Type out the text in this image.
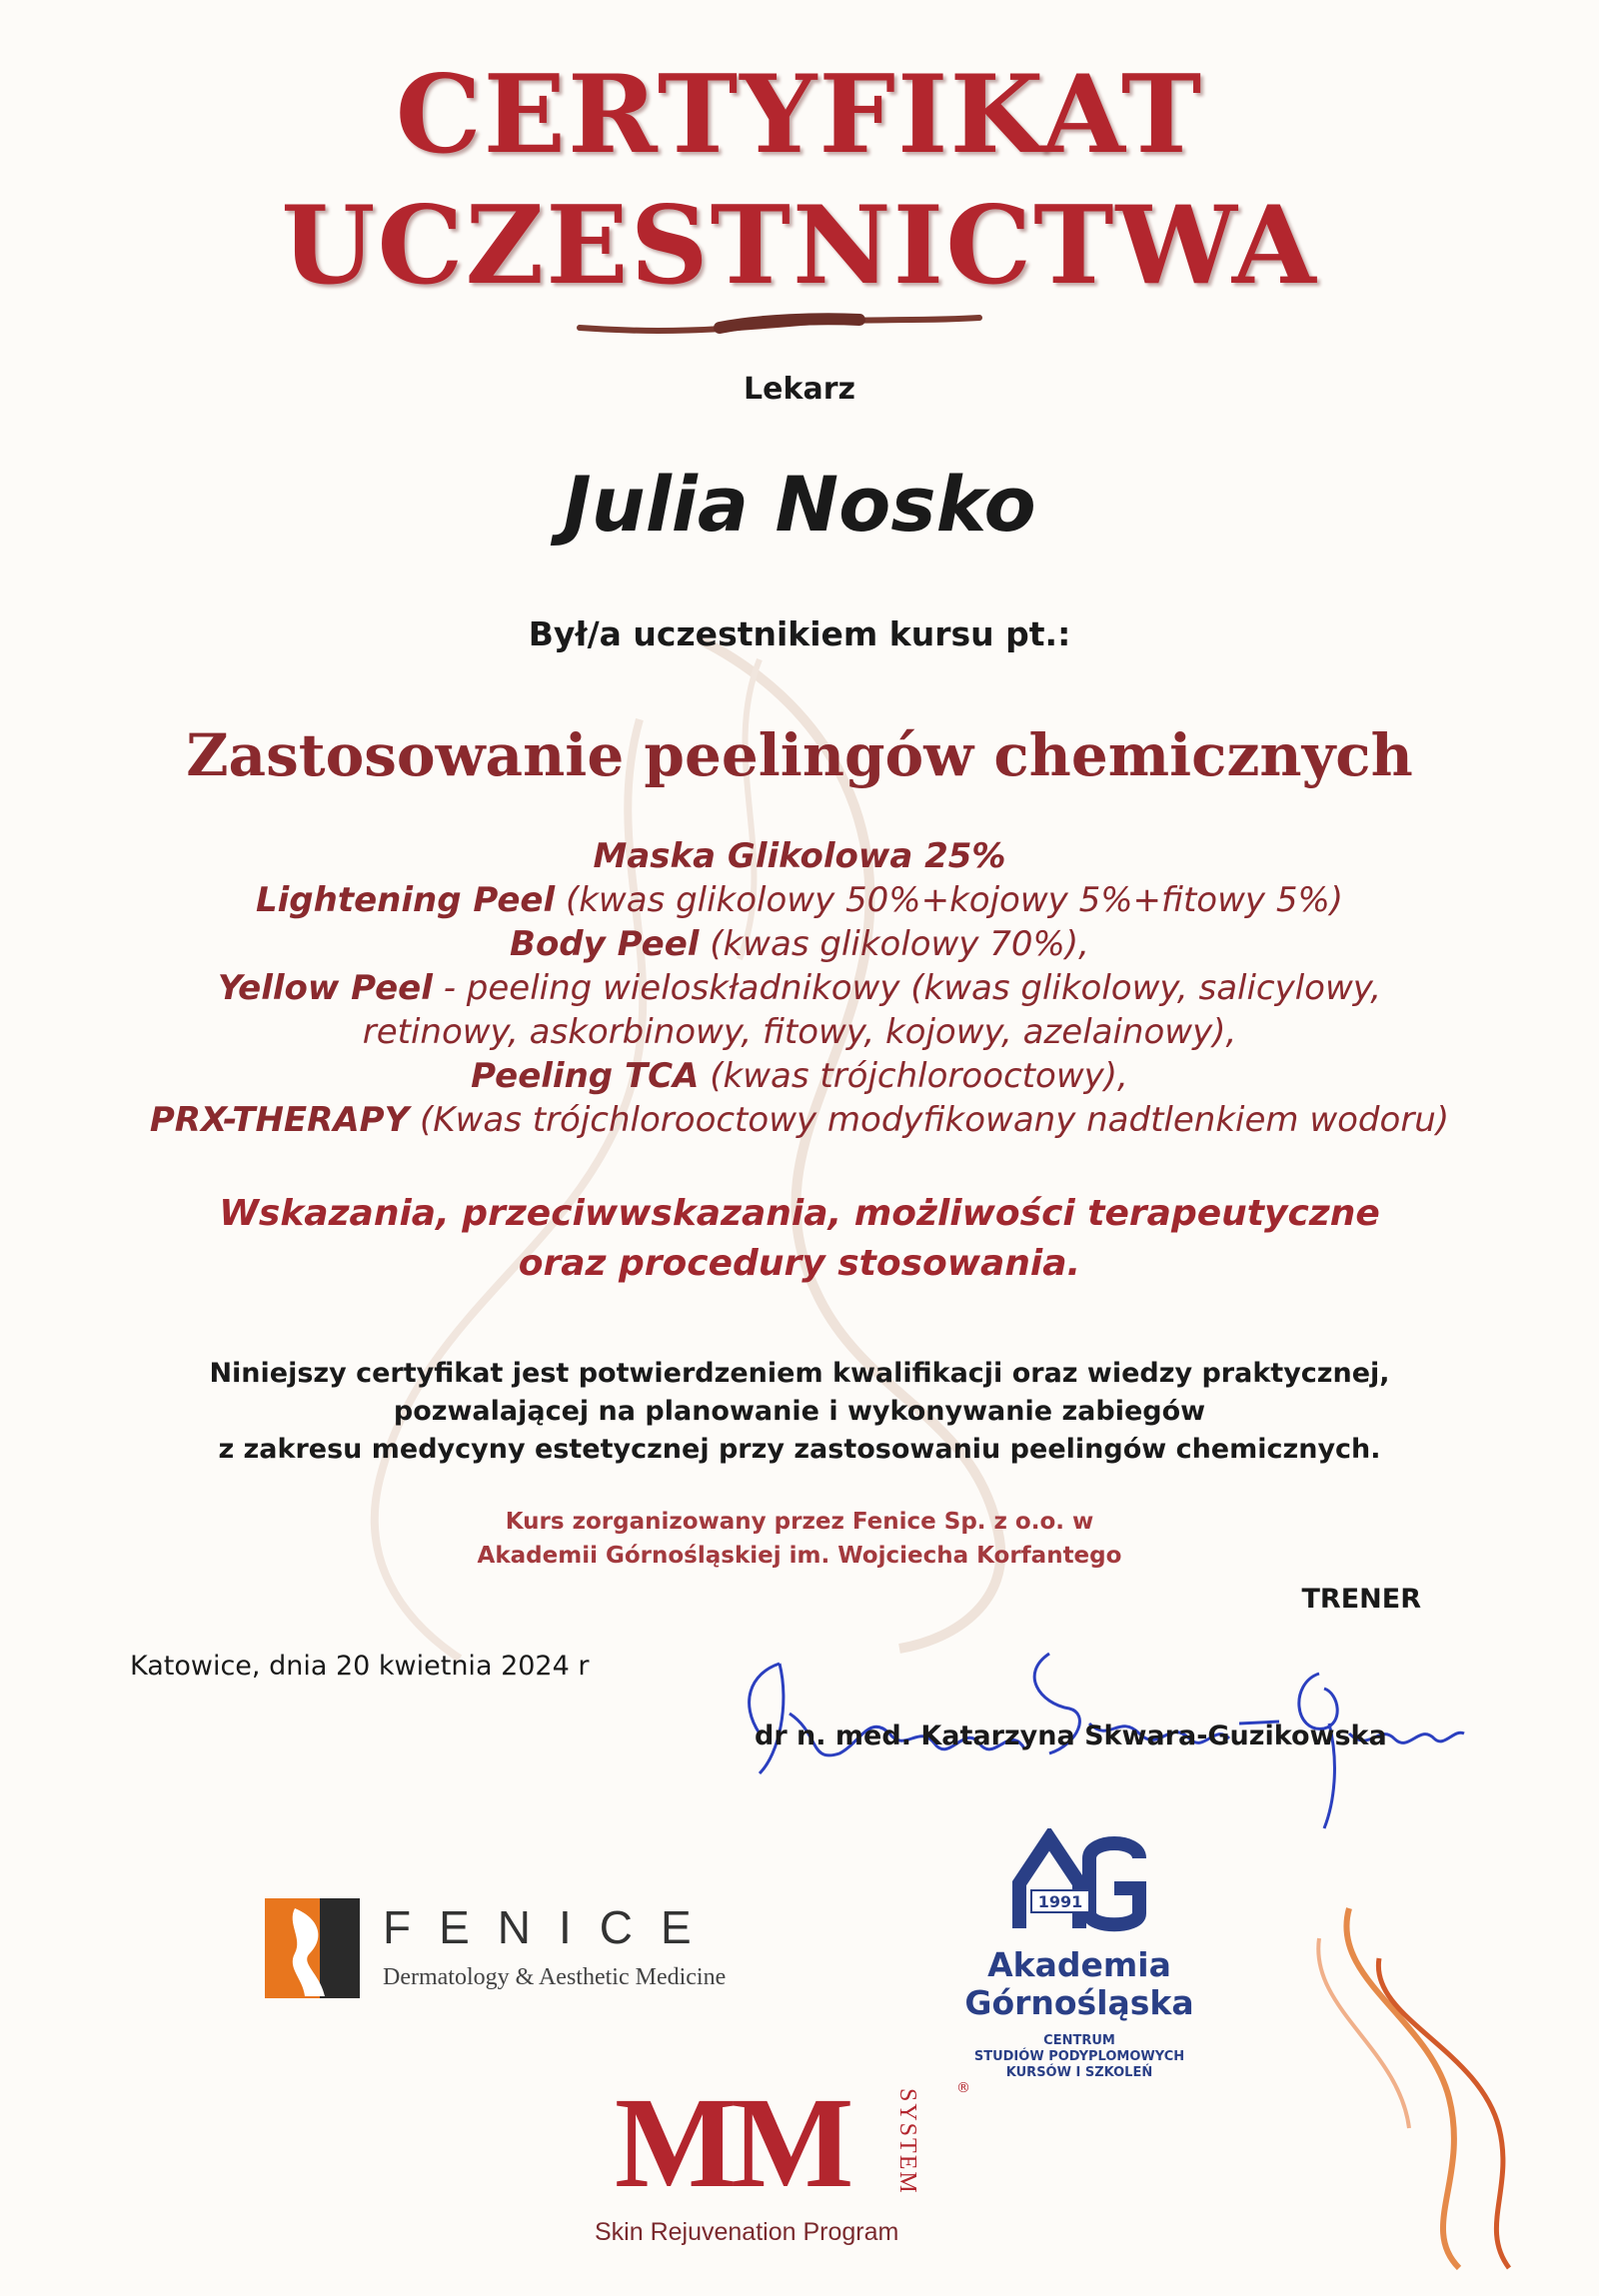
CERTYFIKAT
UCZESTNICTWA
Lekarz
Julia Nosko
Był/a uczestnikiem kursu pt.:
Zastosowanie peelingów chemicznych
Maska Glikolowa 25%
Lightening Peel (kwas glikolowy 50%+kojowy 5%+fitowy 5%)
Body Peel (kwas glikolowy 70%),
Yellow Peel - peeling wieloskładnikowy (kwas glikolowy, salicylowy,
retinowy, askorbinowy, fitowy, kojowy, azelainowy),
Peeling TCA (kwas trójchlorooctowy),
PRX-THERAPY (Kwas trójchlorooctowy modyfikowany nadtlenkiem wodoru)
Wskazania, przeciwwskazania, możliwości terapeutyczne
oraz procedury stosowania.
Niniejszy certyfikat jest potwierdzeniem kwalifikacji oraz wiedzy praktycznej,
pozwalającej na planowanie i wykonywanie zabiegów
z zakresu medycyny estetycznej przy zastosowaniu peelingów chemicznych.
Kurs zorganizowany przez Fenice Sp. z o.o. w
Akademii Górnośląskiej im. Wojciecha Korfantego
TRENER
Katowice, dnia 20 kwietnia 2024 r
dr n. med. Katarzyna Skwara-Guzikowska
FENICE
Dermatology & Aesthetic Medicine
1991
Akademia
Górnośląska
CENTRUM
STUDIÓW PODYPLOMOWYCH
KURSÓW I SZKOLEŃ
MM SYSTEM	®
Skin Rejuvenation Program
